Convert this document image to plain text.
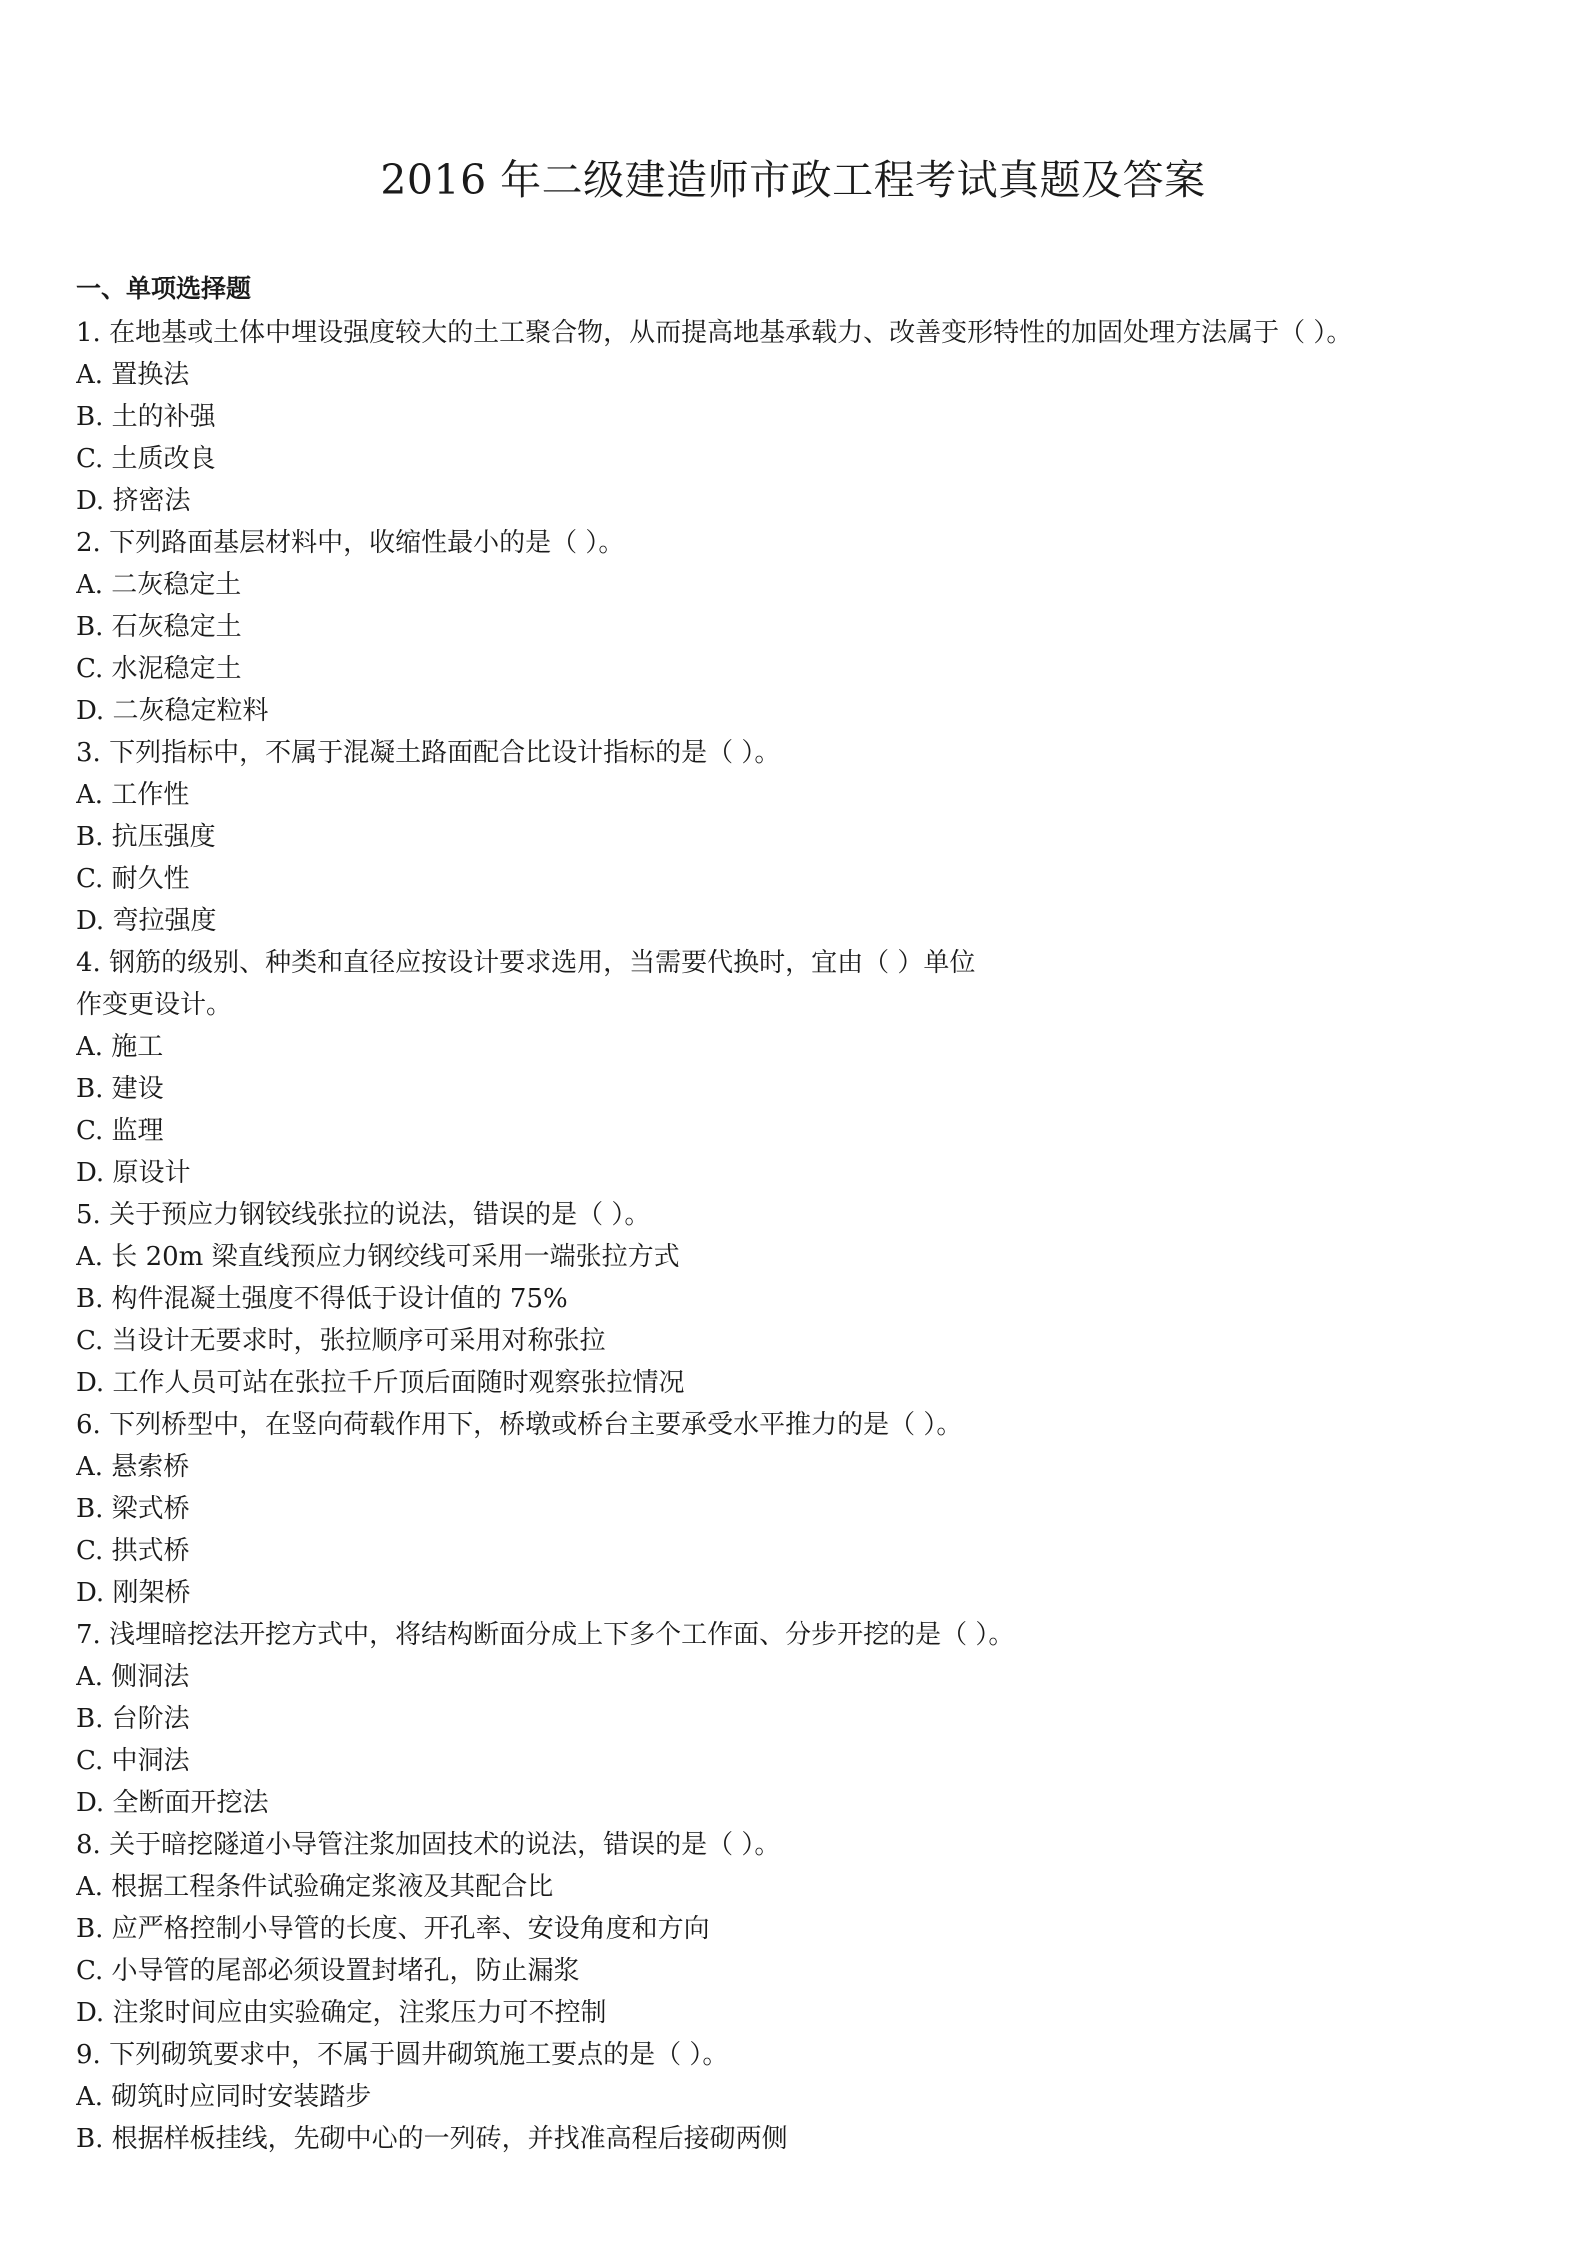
2016 年二级建造师市政工程考试真题及答案
一、单项选择题
1. 在地基或土体中埋设强度较大的土工聚合物，从而提高地基承载力、改善变形特性的加固处理方法属于（ ）。
A. 置换法
B. 土的补强
C. 土质改良
D. 挤密法
2. 下列路面基层材料中，收缩性最小的是（ ）。
A. 二灰稳定土
B. 石灰稳定土
C. 水泥稳定土
D. 二灰稳定粒料
3. 下列指标中，不属于混凝土路面配合比设计指标的是（ ）。
A. 工作性
B. 抗压强度
C. 耐久性
D. 弯拉强度
4. 钢筋的级别、种类和直径应按设计要求选用，当需要代换时，宜由（ ）单位
作变更设计。
A. 施工
B. 建设
C. 监理
D. 原设计
5. 关于预应力钢铰线张拉的说法，错误的是（ ）。
A. 长 20m 梁直线预应力钢绞线可采用一端张拉方式
B. 构件混凝土强度不得低于设计值的 75%
C. 当设计无要求时，张拉顺序可采用对称张拉
D. 工作人员可站在张拉千斤顶后面随时观察张拉情况
6. 下列桥型中，在竖向荷载作用下，桥墩或桥台主要承受水平推力的是（ ）。
A. 悬索桥
B. 梁式桥
C. 拱式桥
D. 刚架桥
7. 浅埋暗挖法开挖方式中，将结构断面分成上下多个工作面、分步开挖的是（ ）。
A. 侧洞法
B. 台阶法
C. 中洞法
D. 全断面开挖法
8. 关于暗挖隧道小导管注浆加固技术的说法，错误的是（ ）。
A. 根据工程条件试验确定浆液及其配合比
B. 应严格控制小导管的长度、开孔率、安设角度和方向
C. 小导管的尾部必须设置封堵孔，防止漏浆
D. 注浆时间应由实验确定，注浆压力可不控制
9. 下列砌筑要求中，不属于圆井砌筑施工要点的是（ ）。
A. 砌筑时应同时安装踏步
B. 根据样板挂线，先砌中心的一列砖，并找准高程后接砌两侧
